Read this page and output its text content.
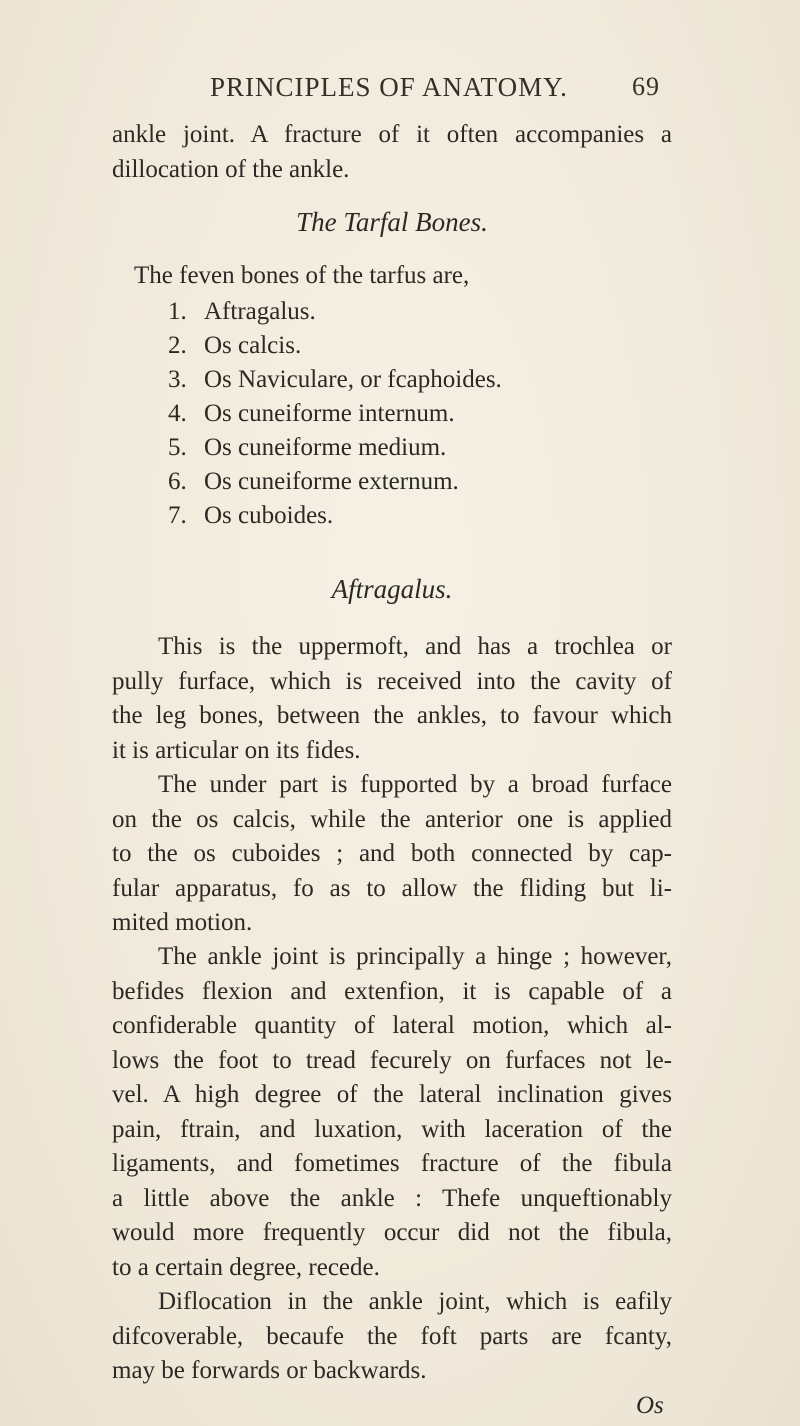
PRINCIPLES OF ANATOMY. 69
ankle joint. A fracture of it often accompanies a
dillocation of the ankle.
The Tarfal Bones.
The feven bones of the tarfus are,
1. Aftragalus.
2. Os calcis.
3. Os Naviculare, or fcaphoides.
4. Os cuneiforme internum.
5. Os cuneiforme medium.
6. Os cuneiforme externum.
7. Os cuboides.
Aftragalus.
This is the uppermoft, and has a trochlea or
pully furface, which is received into the cavity of
the leg bones, between the ankles, to favour which
it is articular on its fides.
The under part is fupported by a broad furface
on the os calcis, while the anterior one is applied
to the os cuboides ; and both connected by cap-
fular apparatus, fo as to allow the fliding but li-
mited motion.
The ankle joint is principally a hinge ; however,
befides flexion and extenfion, it is capable of a
confiderable quantity of lateral motion, which al-
lows the foot to tread fecurely on furfaces not le-
vel. A high degree of the lateral inclination gives
pain, ftrain, and luxation, with laceration of the
ligaments, and fometimes fracture of the fibula
a little above the ankle : Thefe unqueftionably
would more frequently occur did not the fibula,
to a certain degree, recede.
Diflocation in the ankle joint, which is eafily
difcoverable, becaufe the foft parts are fcanty,
may be forwards or backwards.
Os
